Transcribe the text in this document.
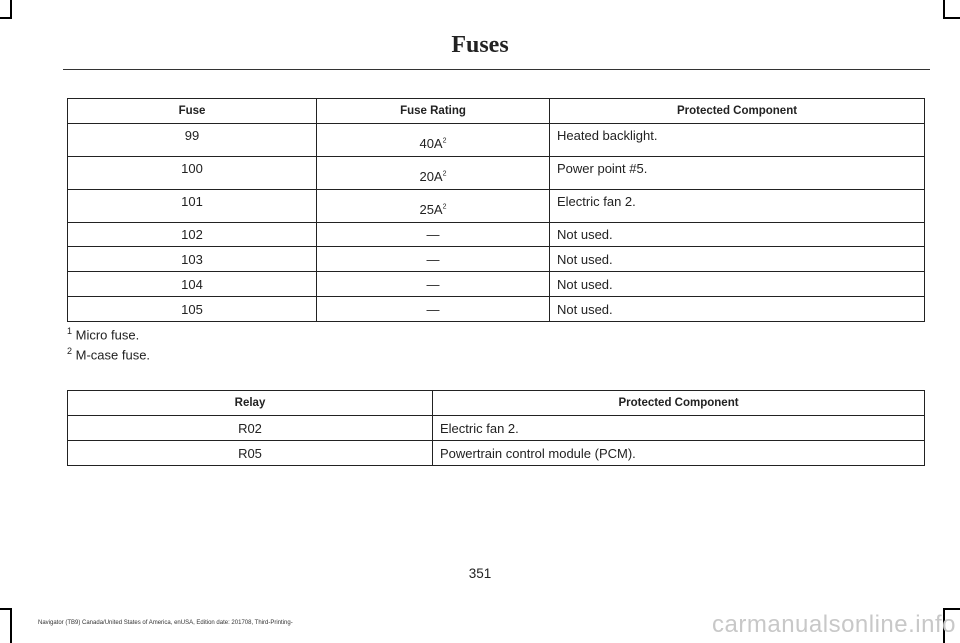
Fuses
Fuse	Fuse Rating	Protected Component
99	$40A^2$	Heated backlight.
100	$20A^2$	Power point #5.
101	$25A^2$	Electric fan 2.
102	—	Not used.
103	—	Not used.
104	—	Not used.
105	—	Not used.
$^1$ Micro fuse.
$^2$ M-case fuse.
Relay	Protected Component
R02	Electric fan 2.
R05	Powertrain control module (PCM).
351
Navigator (TB9) Canada/United States of America, enUSA, Edition date: 201708, Third-Printing-	carmanualsonline.info
